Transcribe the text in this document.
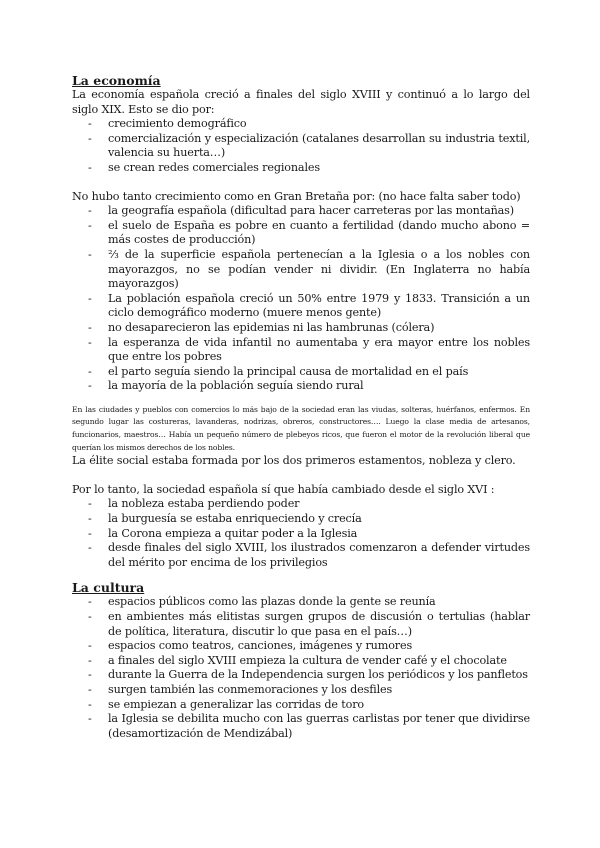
La economía

La economía española creció a finales del siglo XVIII y continuó a lo largo del siglo XIX. Esto se dio por:

- crecimiento demográfico
- comercialización y especialización (catalanes desarrollan su industria textil, valencia su huerta…)
- se crean redes comerciales regionales

No hubo tanto crecimiento como en Gran Bretaña por: (no hace falta saber todo)

- la geografía española (dificultad para hacer carreteras por las montañas)
- el suelo de España es pobre en cuanto a fertilidad (dando mucho abono = más costes de producción)
- ⅔ de la superficie española pertenecían a la Iglesia o a los nobles con mayorazgos, no se podían vender ni dividir. (En Inglaterra no había mayorazgos)
- La población española creció un 50% entre 1979 y 1833. Transición a un ciclo demográfico moderno (muere menos gente)
- no desaparecieron las epidemias ni las hambrunas (cólera)
- la esperanza de vida infantil no aumentaba y era mayor entre los nobles que entre los pobres
- el parto seguía siendo la principal causa de mortalidad en el país
- la mayoría de la población seguía siendo rural

En las ciudades y pueblos con comercios lo más bajo de la sociedad eran las viudas, solteras, huérfanos, enfermos. En segundo lugar las costureras, lavanderas, nodrizas, obreros, constructores…. Luego la clase media de artesanos, funcionarios, maestros… Había un pequeño número de plebeyos ricos, que fueron el motor de la revolución liberal que querían los mismos derechos de los nobles.

La élite social estaba formada por los dos primeros estamentos, nobleza y clero.

Por lo tanto, la sociedad española sí que había cambiado desde el siglo XVI :

- la nobleza estaba perdiendo poder
- la burguesía se estaba enriqueciendo y crecía
- la Corona empieza a quitar poder a la Iglesia
- desde finales del siglo XVIII, los ilustrados comenzaron a defender virtudes del mérito por encima de los privilegios
La cultura
- espacios públicos como las plazas donde la gente se reunía
- en ambientes más elitistas surgen grupos de discusión o tertulias (hablar de política, literatura, discutir lo que pasa en el país…)
- espacios como teatros, canciones, imágenes y rumores
- a finales del siglo XVIII empieza la cultura de vender café y el chocolate
- durante la Guerra de la Independencia surgen los periódicos y los panfletos
- surgen también las conmemoraciones y los desfiles
- se empiezan a generalizar las corridas de toro
- la Iglesia se debilita mucho con las guerras carlistas por tener que dividirse (desamortización de Mendizábal)
